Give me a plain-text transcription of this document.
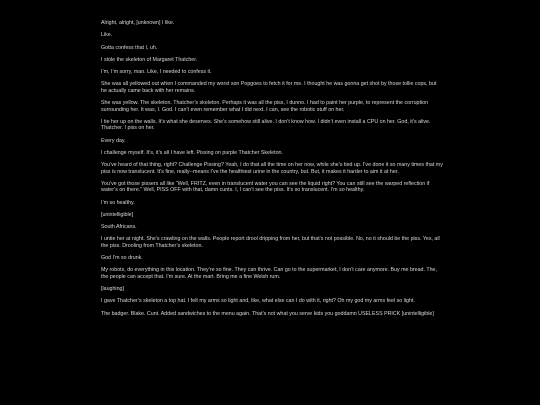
Alright, alright, [unknown] I like.

Like.

Gotta confess that I, uh.

I stole the skeleton of Margaret Thatcher.

I’m, I’m sorry, man. Like, I needed to confess it.

She was all yellowed out when I commanded my worst son Popgoes to fetch it for me. I thought he was gonna get shot by those tollie cops, but he actually came back with her remains.

She was yellow. The skeleton. Thatcher’s skeleton. Perhaps it was all the piss, I dunno. I had to paint her purple, to represent the corruption surrounding her. It was, I. God. I can’t even remember what I did next. I can, see the robotic stuff on her.

I tie her up on the walls. It’s what she deserves. She’s somehow still alive. I don’t know how. I didn’t even install a CPU on her. God, it’s alive. Thatcher. I piss on her.

Every day.

I challenge myself. It’s, it’s all I have left. Pissing on purple Thatcher Skeleton.

You’ve heard of that thing, right? Challenge Pissing? Yeah, I do that all the time on her now, while she’s tied up. I’ve done it so many times that my piss is now translucent. It’s fine, really--means I’ve the healthiest urine in the country, but. But, it makes it harder to aim it at her.

You’ve got those pissers all like “Well, FRITZ, even in translucent water you can see the liquid right? You can still see the warped reflection if water’s on there.” Well, PISS OFF with that, damn cunts. I, I can’t see the piss. It’s so translucent. I’m so healthy.

I’m so healthy.

[unintelligible]

South Africans.

I untie her at night. She’s crawling on the walls. People report drool dripping from her, but that’s not possible. No, no it should be the piss. Yes, all the piss. Drooling from Thatcher’s skeleton.

God I’m so drunk.

My robots, do everything in this location. They’re so fine. They can thrive. Can go to the supermarket, I don’t care anymore. Buy me bread. The, the people can accept that. I’m sure. At the mart. Bring me a fine Welsh rum.

[laughing]

I gave Thatcher’s skeleton a top hat. I felt my arms so light and, like, what else can I do with it, right? Oh my god my arms feel so light.

The badger. Blake. Cunt. Added sandwiches to the menu again. That’s not what you serve kids you goddamn USELESS PRICK [unintelligible]
